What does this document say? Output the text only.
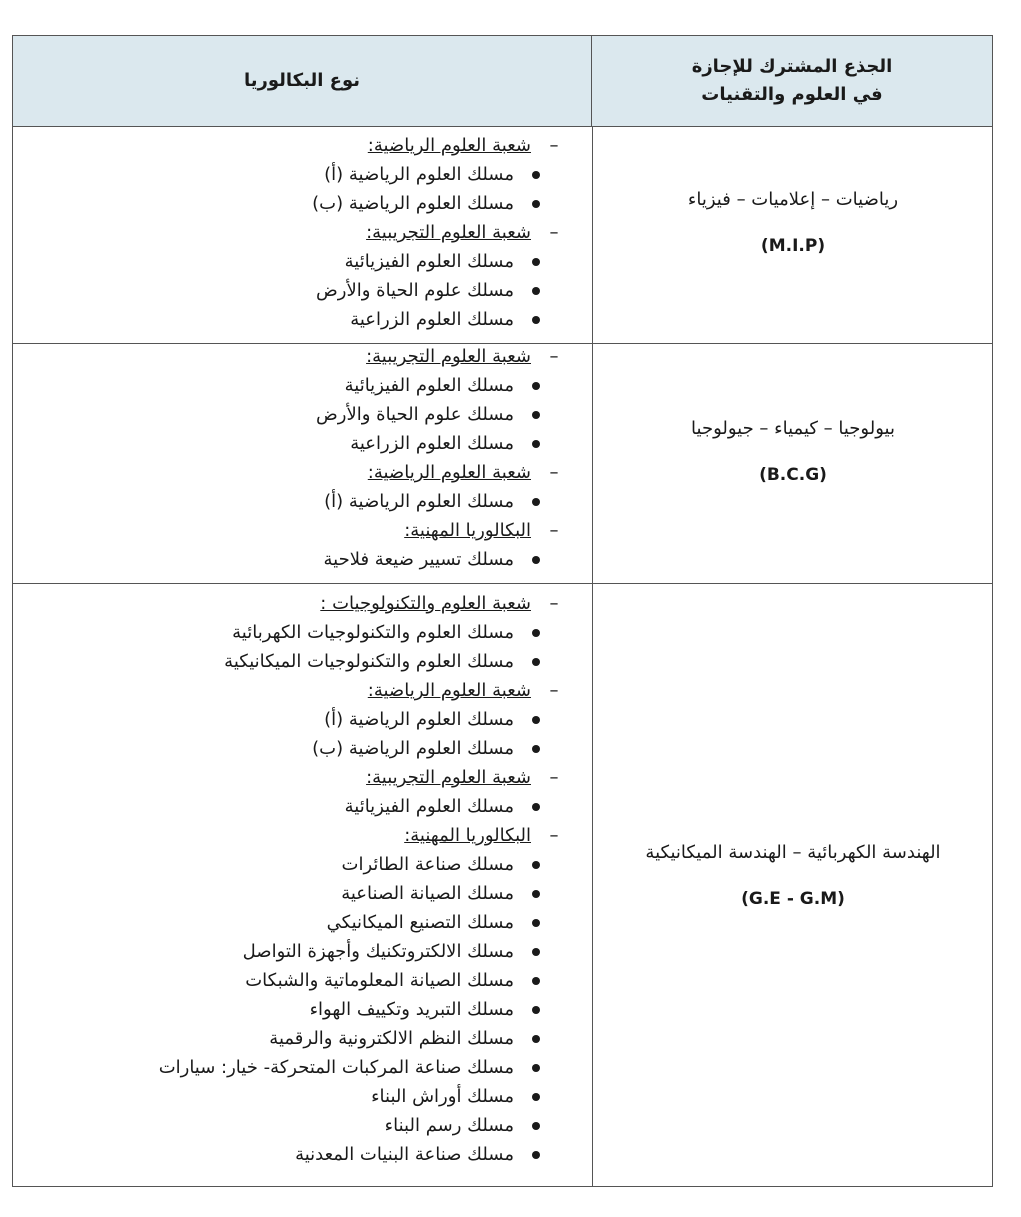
نوع البكالوريا
الجذع المشترك للإجازة
في العلوم والتقنيات
رياضيات – إعلاميات – فيزياء
(M.I.P)
–
شعبة العلوم الرياضية:
مسلك العلوم الرياضية (أ)
مسلك العلوم الرياضية (ب)
–
شعبة العلوم التجريبية:
مسلك العلوم الفيزيائية
مسلك علوم الحياة والأرض
مسلك العلوم الزراعية
بيولوجيا – كيمياء – جيولوجيا
(B.C.G)
–
شعبة العلوم التجريبية:
مسلك العلوم الفيزيائية
مسلك علوم الحياة والأرض
مسلك العلوم الزراعية
–
شعبة العلوم الرياضية:
مسلك العلوم الرياضية (أ)
–
البكالوريا المهنية:
مسلك تسيير ضيعة فلاحية
الهندسة الكهربائية – الهندسة الميكانيكية
(G.E - G.M)
–
شعبة العلوم والتكنولوجيات :
مسلك العلوم والتكنولوجيات الكهربائية
مسلك العلوم والتكنولوجيات الميكانيكية
–
شعبة العلوم الرياضية:
مسلك العلوم الرياضية (أ)
مسلك العلوم الرياضية (ب)
–
شعبة العلوم التجريبية:
مسلك العلوم الفيزيائية
–
البكالوريا المهنية:
مسلك صناعة الطائرات
مسلك الصيانة الصناعية
مسلك التصنيع الميكانيكي
مسلك الالكتروتكنيك وأجهزة التواصل
مسلك الصيانة المعلوماتية والشبكات
مسلك التبريد وتكييف الهواء
مسلك النظم الالكترونية والرقمية
مسلك صناعة المركبات المتحركة- خيار: سيارات
مسلك أوراش البناء
مسلك رسم البناء
مسلك صناعة البنيات المعدنية
